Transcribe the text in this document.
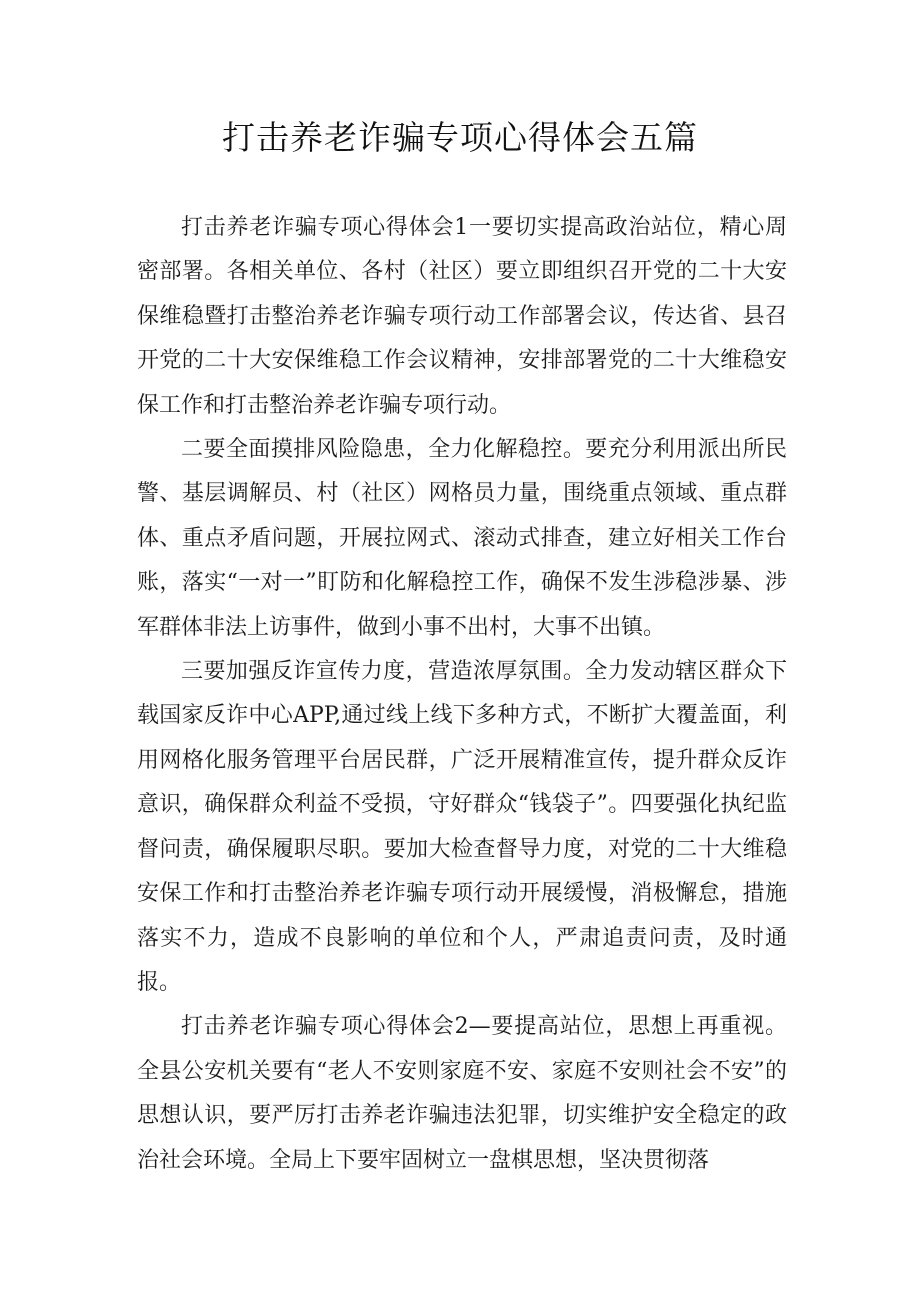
打击养老诈骗专项心得体会五篇

打击养老诈骗专项心得体会1一要切实提高政治站位，精心周密部署。各相关单位、各村（社区）要立即组织召开党的二十大安保维稳暨打击整治养老诈骗专项行动工作部署会议，传达省、县召开党的二十大安保维稳工作会议精神，安排部署党的二十大维稳安保工作和打击整治养老诈骗专项行动。

二要全面摸排风险隐患，全力化解稳控。要充分利用派出所民警、基层调解员、村（社区）网格员力量，围绕重点领域、重点群体、重点矛盾问题，开展拉网式、滚动式排查，建立好相关工作台账，落实“一对一”盯防和化解稳控工作，确保不发生涉稳涉暴、涉军群体非法上访事件，做到小事不出村，大事不出镇。

三要加强反诈宣传力度，营造浓厚氛围。全力发动辖区群众下载国家反诈中心APP,通过线上线下多种方式，不断扩大覆盖面，利用网格化服务管理平台居民群，广泛开展精准宣传，提升群众反诈意识，确保群众利益不受损，守好群众“钱袋子”。四要强化执纪监督问责，确保履职尽职。要加大检查督导力度，对党的二十大维稳安保工作和打击整治养老诈骗专项行动开展缓慢，消极懈怠，措施落实不力，造成不良影响的单位和个人，严肃追责问责，及时通报。

打击养老诈骗专项心得体会2—要提高站位，思想上再重视。全县公安机关要有“老人不安则家庭不安、家庭不安则社会不安”的思想认识，要严厉打击养老诈骗违法犯罪，切实维护安全稳定的政治社会环境。全局上下要牢固树立一盘棋思想，坚决贯彻落
